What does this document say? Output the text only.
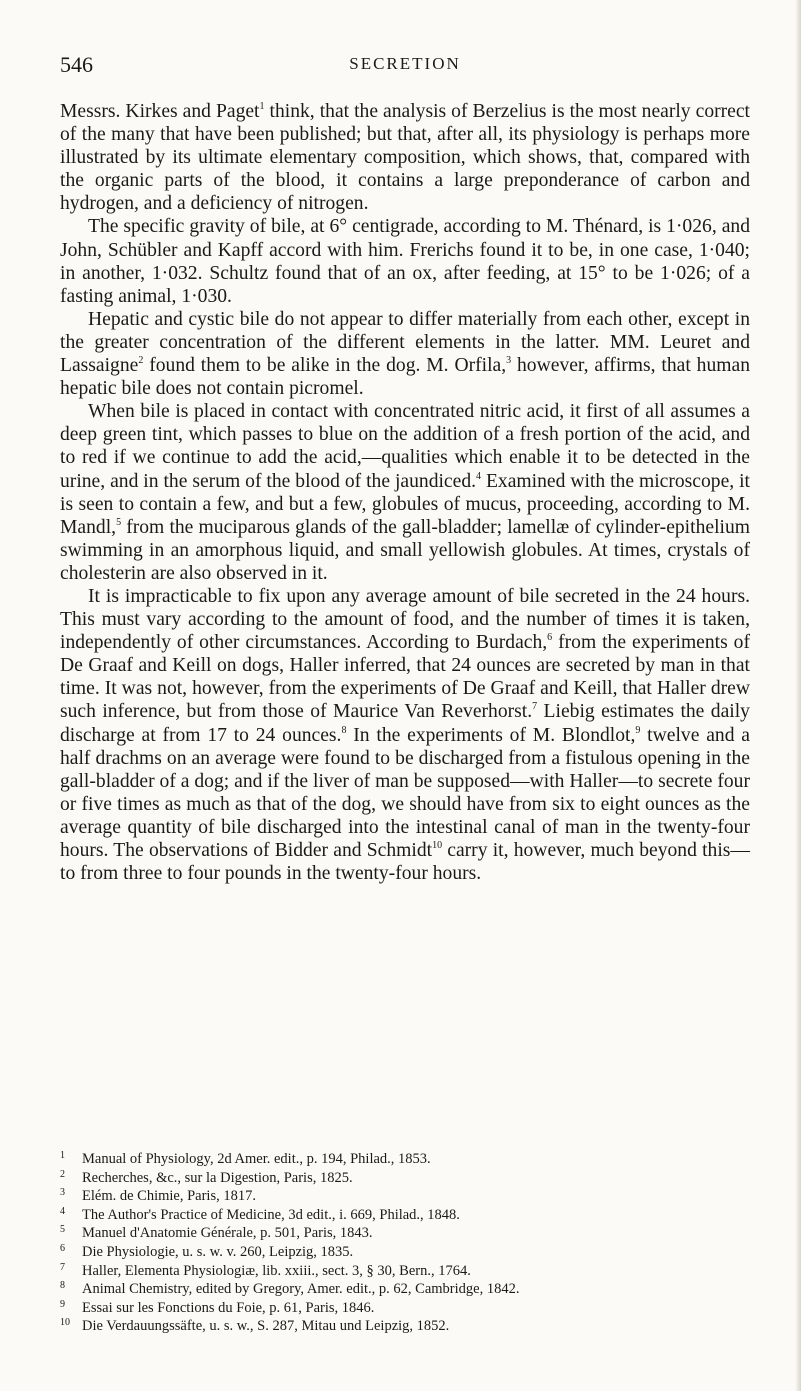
546	SECRETION

Messrs. Kirkes and Paget$^1$ think, that the analysis of Berzelius is the most nearly correct of the many that have been published; but that, after all, its physiology is perhaps more illustrated by its ultimate elementary composition, which shows, that, compared with the organic parts of the blood, it contains a large preponderance of carbon and hydrogen, and a deficiency of nitrogen.

The specific gravity of bile, at 6° centigrade, according to M. Thénard, is 1·026, and John, Schübler and Kapff accord with him. Frerichs found it to be, in one case, 1·040; in another, 1·032. Schultz found that of an ox, after feeding, at 15° to be 1·026; of a fasting animal, 1·030.

Hepatic and cystic bile do not appear to differ materially from each other, except in the greater concentration of the different elements in the latter. MM. Leuret and Lassaigne$^2$ found them to be alike in the dog. M. Orfila,$^3$ however, affirms, that human hepatic bile does not contain picromel.

When bile is placed in contact with concentrated nitric acid, it first of all assumes a deep green tint, which passes to blue on the addition of a fresh portion of the acid, and to red if we continue to add the acid,—qualities which enable it to be detected in the urine, and in the serum of the blood of the jaundiced.$^4$ Examined with the microscope, it is seen to contain a few, and but a few, globules of mucus, proceeding, according to M. Mandl,$^5$ from the muciparous glands of the gall-bladder; lamellæ of cylinder-epithelium swimming in an amorphous liquid, and small yellowish globules. At times, crystals of cholesterin are also observed in it.

It is impracticable to fix upon any average amount of bile secreted in the 24 hours. This must vary according to the amount of food, and the number of times it is taken, independently of other circumstances. According to Burdach,$^6$ from the experiments of De Graaf and Keill on dogs, Haller inferred, that 24 ounces are secreted by man in that time. It was not, however, from the experiments of De Graaf and Keill, that Haller drew such inference, but from those of Maurice Van Reverhorst.$^7$ Liebig estimates the daily discharge at from 17 to 24 ounces.$^8$ In the experiments of M. Blondlot,$^9$ twelve and a half drachms on an average were found to be discharged from a fistulous opening in the gall-bladder of a dog; and if the liver of man be supposed—with Haller—to secrete four or five times as much as that of the dog, we should have from six to eight ounces as the average quantity of bile discharged into the intestinal canal of man in the twenty-four hours. The observations of Bidder and Schmidt$^{10}$ carry it, however, much beyond this—to from three to four pounds in the twenty-four hours.

1	Manual of Physiology, 2d Amer. edit., p. 194, Philad., 1853.
2	Recherches, &c., sur la Digestion, Paris, 1825.
3	Elém. de Chimie, Paris, 1817.
4	The Author's Practice of Medicine, 3d edit., i. 669, Philad., 1848.
5	Manuel d'Anatomie Générale, p. 501, Paris, 1843.
6	Die Physiologie, u. s. w. v. 260, Leipzig, 1835.
7	Haller, Elementa Physiologiæ, lib. xxiii., sect. 3, § 30, Bern., 1764.
8	Animal Chemistry, edited by Gregory, Amer. edit., p. 62, Cambridge, 1842.
9	Essai sur les Fonctions du Foie, p. 61, Paris, 1846.
10 Die Verdauungssäfte, u. s. w., S. 287, Mitau und Leipzig, 1852.
